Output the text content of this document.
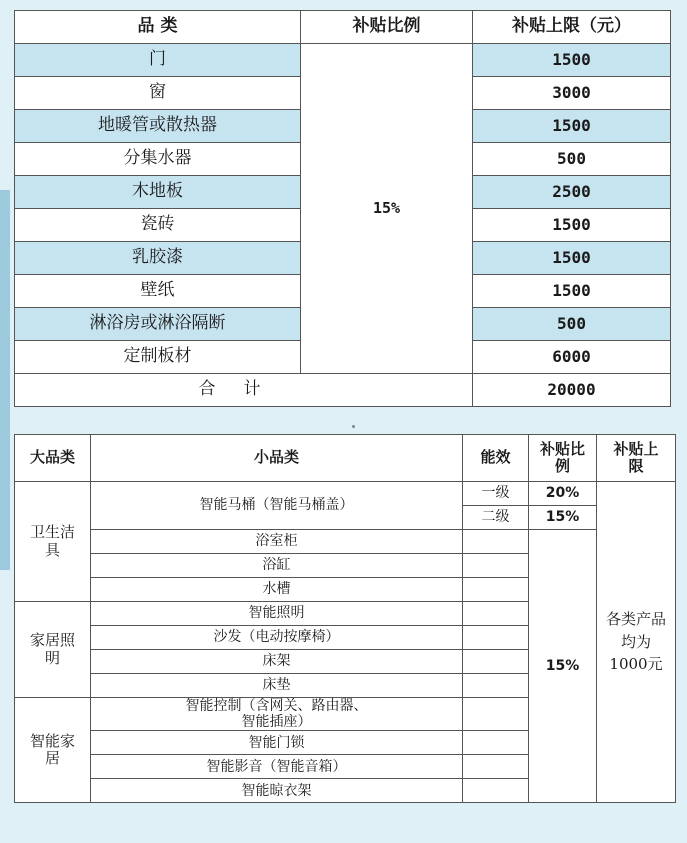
品 类	补贴比例	补贴上限（元）
门	15%	1500
窗		3000
地暖管或散热器		1500
分集水器		500
木地板		2500
瓷砖		1500
乳胶漆		1500
壁纸		1500
淋浴房或淋浴隔断		500
定制板材		6000
合计		20000
大品类	小品类	能效	补贴比例	补贴上限
卫生洁具	智能马桶（智能马桶盖）	一级	20%	各类产品均为1000元
		二级	15%	
	浴室柜		15%	
	浴缸			
	水槽			
家居照明	智能照明			
	沙发（电动按摩椅）			
	床架			
	床垫			
智能家居	智能控制（含网关、路由器、智能插座）			

	智能门锁			
	智能影音（智能音箱）			
	智能晾衣架			
